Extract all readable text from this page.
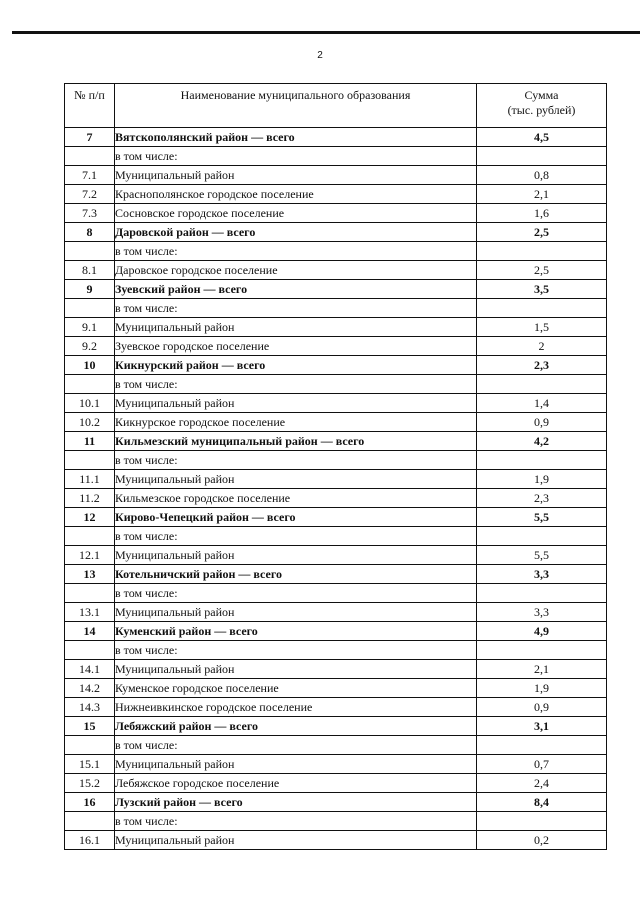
2
№ п/п	Наименование муниципального образования	Сумма
(тыс. рублей)

7	Вятскополянский район — всего	4,5
	в том числе:	
7.1	Муниципальный район	0,8
7.2	Краснополянское городское поселение	2,1
7.3	Сосновское городское поселение	1,6
8	Даровской район — всего	2,5
	в том числе:	
8.1	Даровское городское поселение	2,5
9	Зуевский район — всего	3,5
	в том числе:	
9.1	Муниципальный район	1,5
9.2	Зуевское городское поселение	2
10	Кикнурский район — всего	2,3
	в том числе:	
10.1	Муниципальный район	1,4
10.2	Кикнурское городское поселение	0,9
11	Кильмезский муниципальный район — всего	4,2
	в том числе:	
11.1	Муниципальный район	1,9
11.2	Кильмезское городское поселение	2,3
12	Кирово-Чепецкий район — всего	5,5
	в том числе:	
12.1	Муниципальный район	5,5
13	Котельничский район — всего	3,3
	в том числе:	
13.1	Муниципальный район	3,3
14	Куменский район — всего	4,9
	в том числе:	
14.1	Муниципальный район	2,1
14.2	Куменское городское поселение	1,9
14.3	Нижнеивкинское городское поселение	0,9
15	Лебяжский район — всего	3,1
	в том числе:	
15.1	Муниципальный район	0,7
15.2	Лебяжское городское поселение	2,4
16	Лузский район — всего	8,4
	в том числе:	
16.1	Муниципальный район	0,2
